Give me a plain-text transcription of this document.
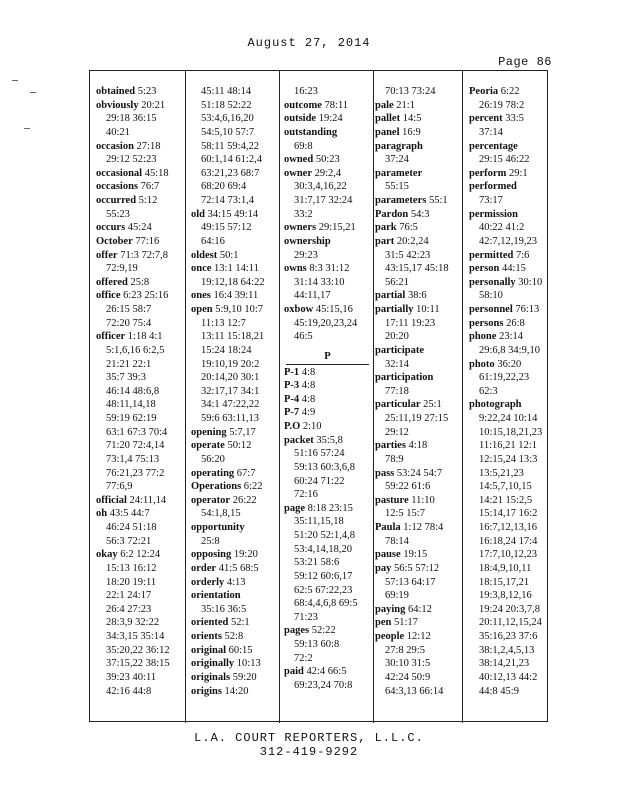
August 27, 2014
Page 86
obtained 5:23
obviously 20:21
29:18 36:15
40:21
occasion 27:18
29:12 52:23
occasional 45:18
occasions 76:7
occurred 5:12
55:23
occurs 45:24
October 77:16
offer 71:3 72:7,8
72:9,19
offered 25:8
office 6:23 25:16
26:15 58:7
72:20 75:4
officer 1:18 4:1
5:1,6,16 6:2,5
21:21 22:1
35:7 39:3
46:14 48:6,8
48:11,14,18
59:19 62:19
63:1 67:3 70:4
71:20 72:4,14
73:1,4 75:13
76:21,23 77:2
77:6,9
official 24:11,14
oh 43:5 44:7
46:24 51:18
56:3 72:21
okay 6:2 12:24
15:13 16:12
18:20 19:11
22:1 24:17
26:4 27:23
28:3,9 32:22
34:3,15 35:14
35:20,22 36:12
37:15,22 38:15
39:23 40:11
42:16 44:8
45:11 48:14
51:18 52:22
53:4,6,16,20
54:5,10 57:7
58:11 59:4,22
60:1,14 61:2,4
63:21,23 68:7
68:20 69:4
72:14 73:1,4
old 34:15 49:14
49:15 57:12
64:16
oldest 50:1
once 13:1 14:11
19:12,18 64:22
ones 16:4 39:11
open 5:9,10 10:7
11:13 12:7
13:11 15:18,21
15:24 18:24
19:10,19 20:2
20:14,20 30:1
32:17,17 34:1
34:1 47:22,22
59:6 63:11,13
opening 5:7,17
operate 50:12
56:20
operating 67:7
Operations 6:22
operator 26:22
54:1,8,15
opportunity
25:8
opposing 19:20
order 41:5 68:5
orderly 4:13
orientation
35:16 36:5
oriented 52:1
orients 52:8
original 60:15
originally 10:13
originals 59:20
origins 14:20
16:23
outcome 78:11
outside 19:24
outstanding
69:8
owned 50:23
owner 29:2,4
30:3,4,16,22
31:7,17 32:24
33:2
owners 29:15,21
ownership
29:23
owns 8:3 31:12
31:14 33:10
44:11,17
oxbow 45:15,16
45:19,20,23,24
46:5
P
P-1 4:8
P-3 4:8
P-4 4:8
P-7 4:9
P.O 2:10
packet 35:5,8
51:16 57:24
59:13 60:3,6,8
60:24 71:22
72:16
page 8:18 23:15
35:11,15,18
51:20 52:1,4,8
53:4,14,18,20
53:21 58:6
59:12 60:6,17
62:5 67:22,23
68:4,4,6,8 69:5
71:23
pages 52:22
59:13 60:8
72:2
paid 42:4 66:5
69:23,24 70:8
70:13 73:24
pale 21:1
pallet 14:5
panel 16:9
paragraph
37:24
parameter
55:15
parameters 55:1
Pardon 54:3
park 76:5
part 20:2,24
31:5 42:23
43:15,17 45:18
56:21
partial 38:6
partially 10:11
17:11 19:23
20:20
participate
32:14
participation
77:18
particular 25:1
25:11,19 27:15
29:12
parties 4:18
78:9
pass 53:24 54:7
59:22 61:6
pasture 11:10
12:5 15:7
Paula 1:12 78:4
78:14
pause 19:15
pay 56:5 57:12
57:13 64:17
69:19
paying 64:12
pen 51:17
people 12:12
27:8 29:5
30:10 31:5
42:24 50:9
64:3,13 66:14
Peoria 6:22
26:19 78:2
percent 33:5
37:14
percentage
29:15 46:22
perform 29:1
performed
73:17
permission
40:22 41:2
42:7,12,19,23
permitted 7:6
person 44:15
personally 30:10
58:10
personnel 76:13
persons 26:8
phone 23:14
29:6,8 34:9,10
photo 36:20
61:19,22,23
62:3
photograph
9:22,24 10:14
10:15,18,21,23
11:16,21 12:1
12:15,24 13:3
13:5,21,23
14:5,7,10,15
14:21 15:2,5
15:14,17 16:2
16:7,12,13,16
16:18,24 17:4
17:7,10,12,23
18:4,9,10,11
18:15,17,21
19:3,8,12,16
19:24 20:3,7,8
20:11,12,15,24
35:16,23 37:6
38:1,2,4,5,13
38:14,21,23
40:12,13 44:2
44:8 45:9
L.A. COURT REPORTERS, L.L.C.
312-419-9292
